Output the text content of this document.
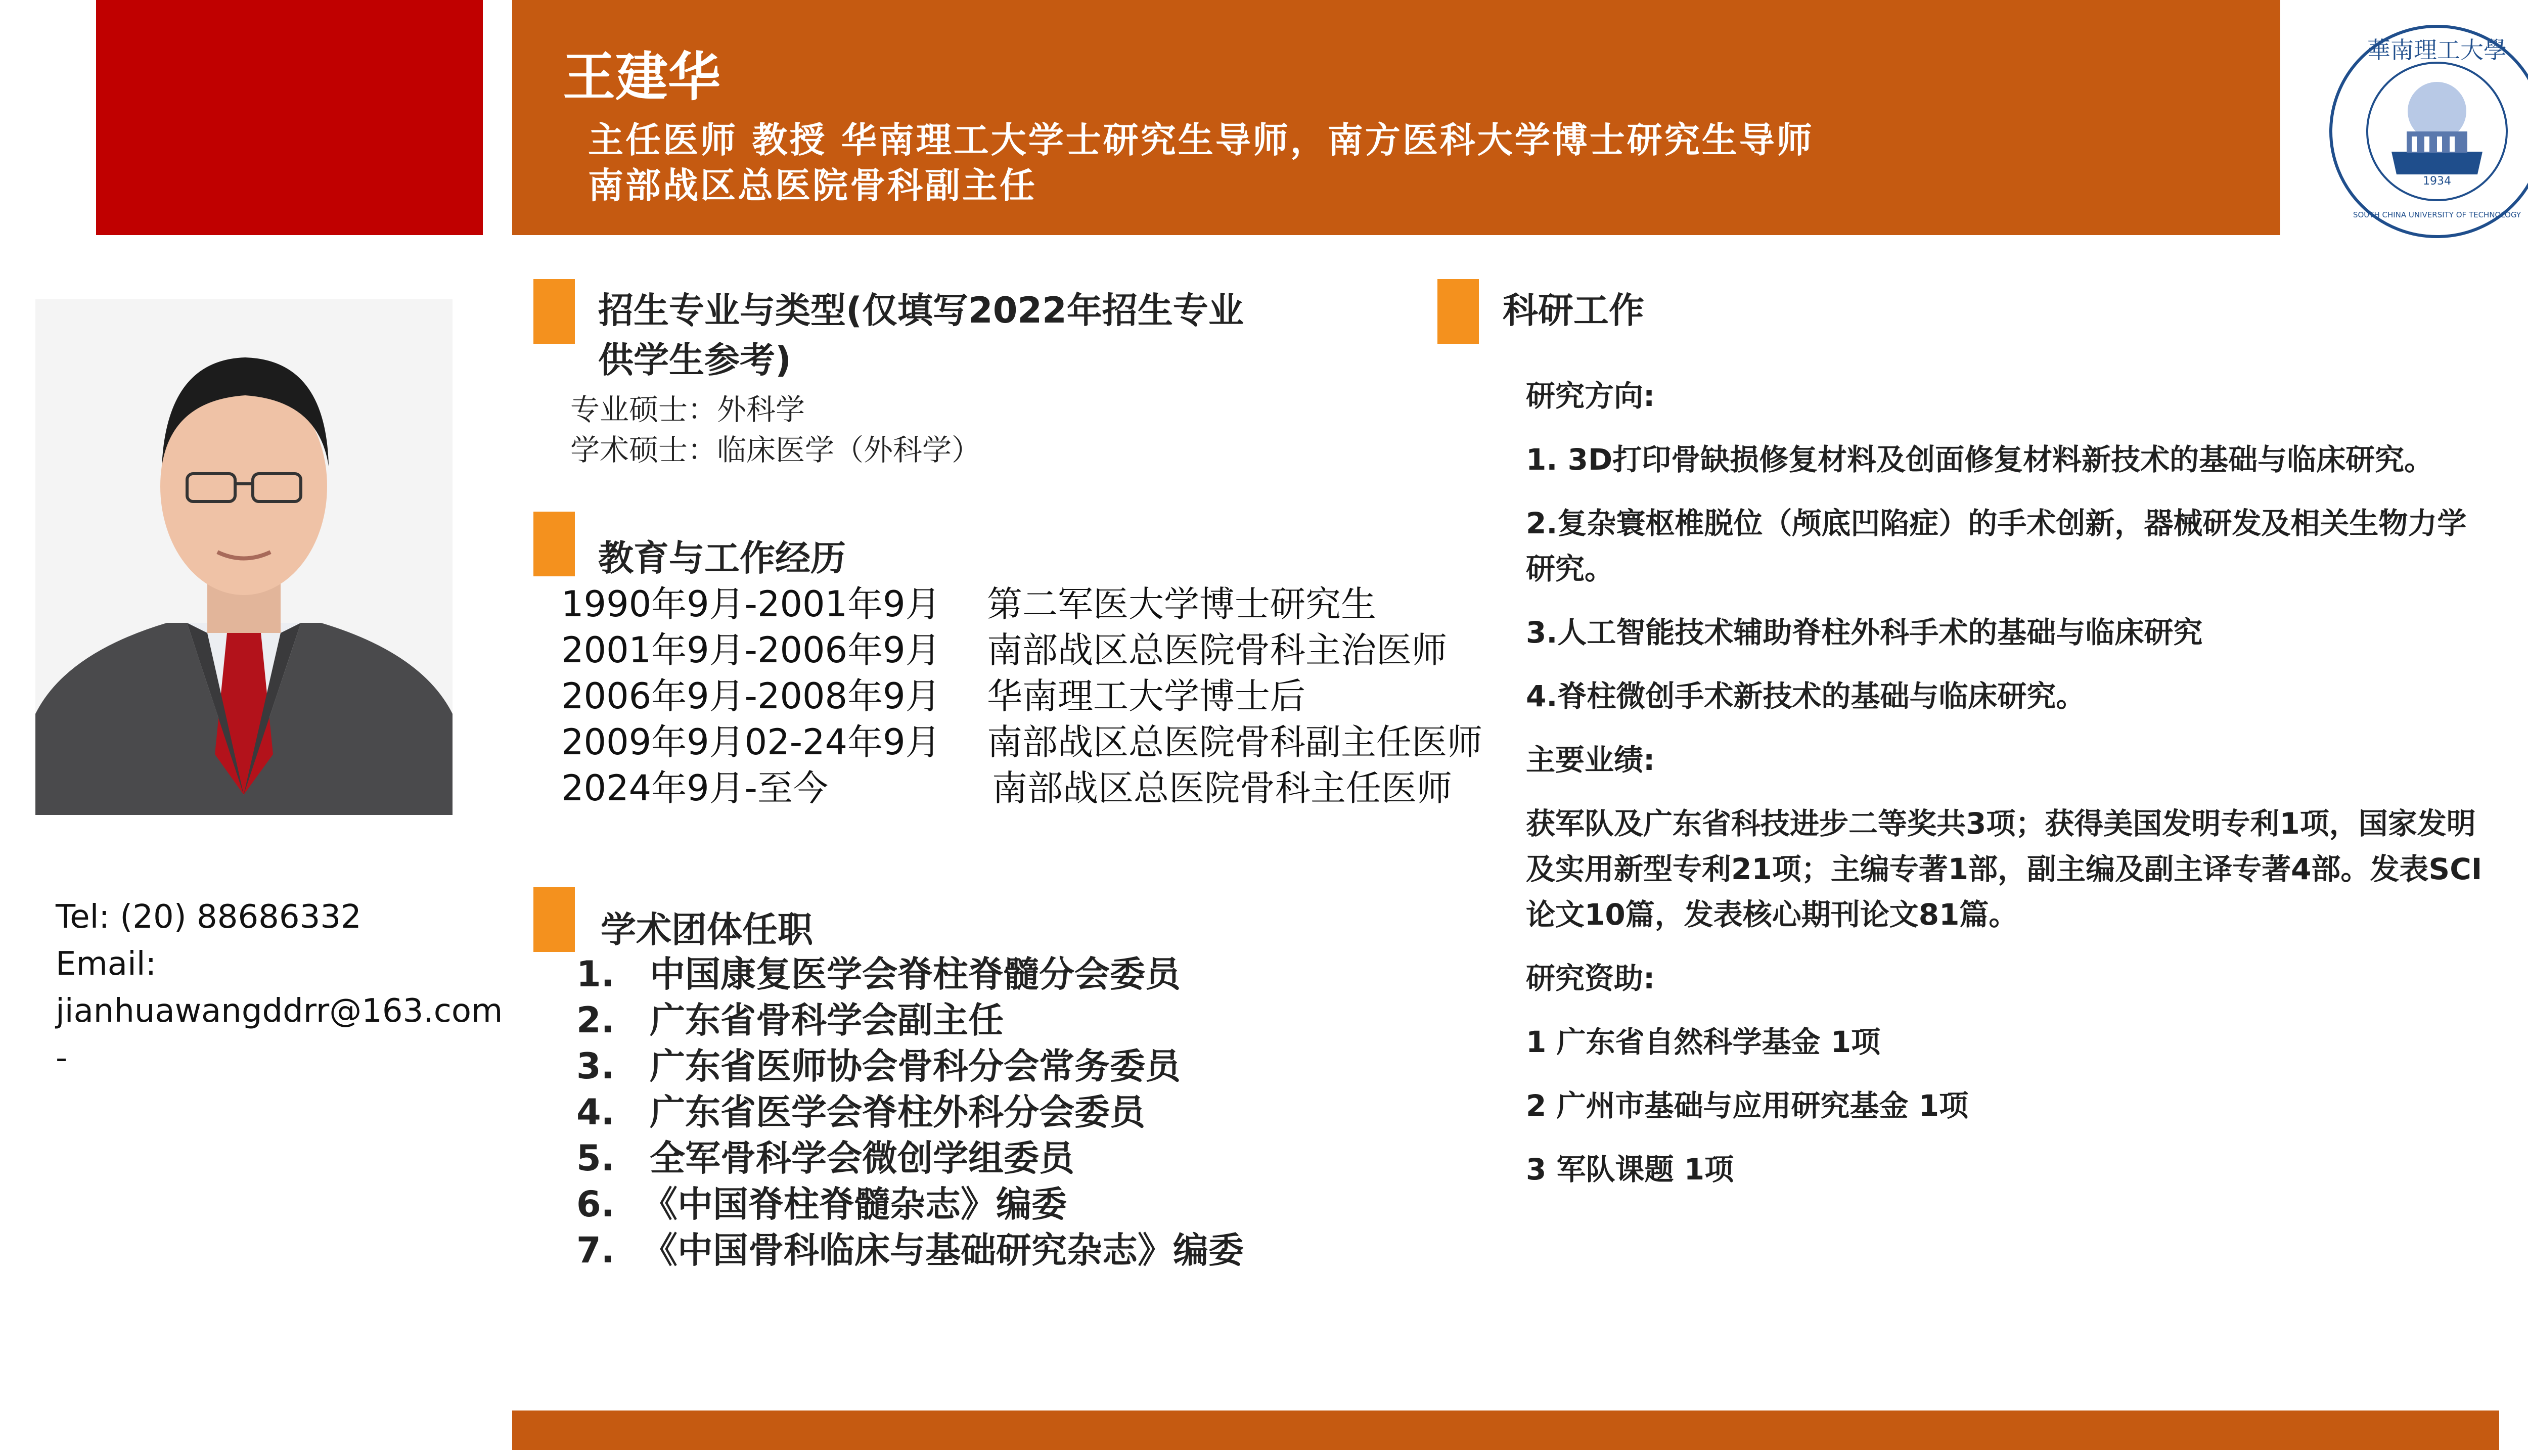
王建华
主任医师 教授 华南理工大学士研究生导师，南方医科大学博士研究生导师
南部战区总医院骨科副主任	1934
華南理工大學
SOUTH CHINA UNIVERSITY OF TECHNOLOGY
Tel: (20) 88686332
Email:
jianhuawangddrr@163.com
-
招生专业与类型(仅填写2022年招生专业
供学生参考)
专业硕士：外科学
学术硕士：临床医学（外科学）
教育与工作经历
1990年9月-2001年9月 第二军医大学博士研究生
2001年9月-2006年9月 南部战区总医院骨科主治医师
2006年9月-2008年9月 华南理工大学博士后
2009年9月02-24年9月 南部战区总医院骨科副主任医师
2024年9月-至今	南部战区总医院骨科主任医师
学术团体任职
1. 中国康复医学会脊柱脊髓分会委员
2. 广东省骨科学会副主任
3. 广东省医师协会骨科分会常务委员
4. 广东省医学会脊柱外科分会委员
5. 全军骨科学会微创学组委员
6. 《中国脊柱脊髓杂志》编委
7. 《中国骨科临床与基础研究杂志》编委
科研工作

研究方向:

1. 3D打印骨缺损修复材料及创面修复材料新技术的基础与临床研究。

2.复杂寰枢椎脱位（颅底凹陷症）的手术创新，器械研发及相关生物力学

研究。

3.人工智能技术辅助脊柱外科手术的基础与临床研究

4.脊柱微创手术新技术的基础与临床研究。

主要业绩:

获军队及广东省科技进步二等奖共3项；获得美国发明专利1项，国家发明

及实用新型专利21项；主编专著1部，副主编及副主译专著4部。发表SCI

论文10篇，发表核心期刊论文81篇。

研究资助:

1 广东省自然科学基金 1项

2 广州市基础与应用研究基金 1项

3 军队课题 1项
